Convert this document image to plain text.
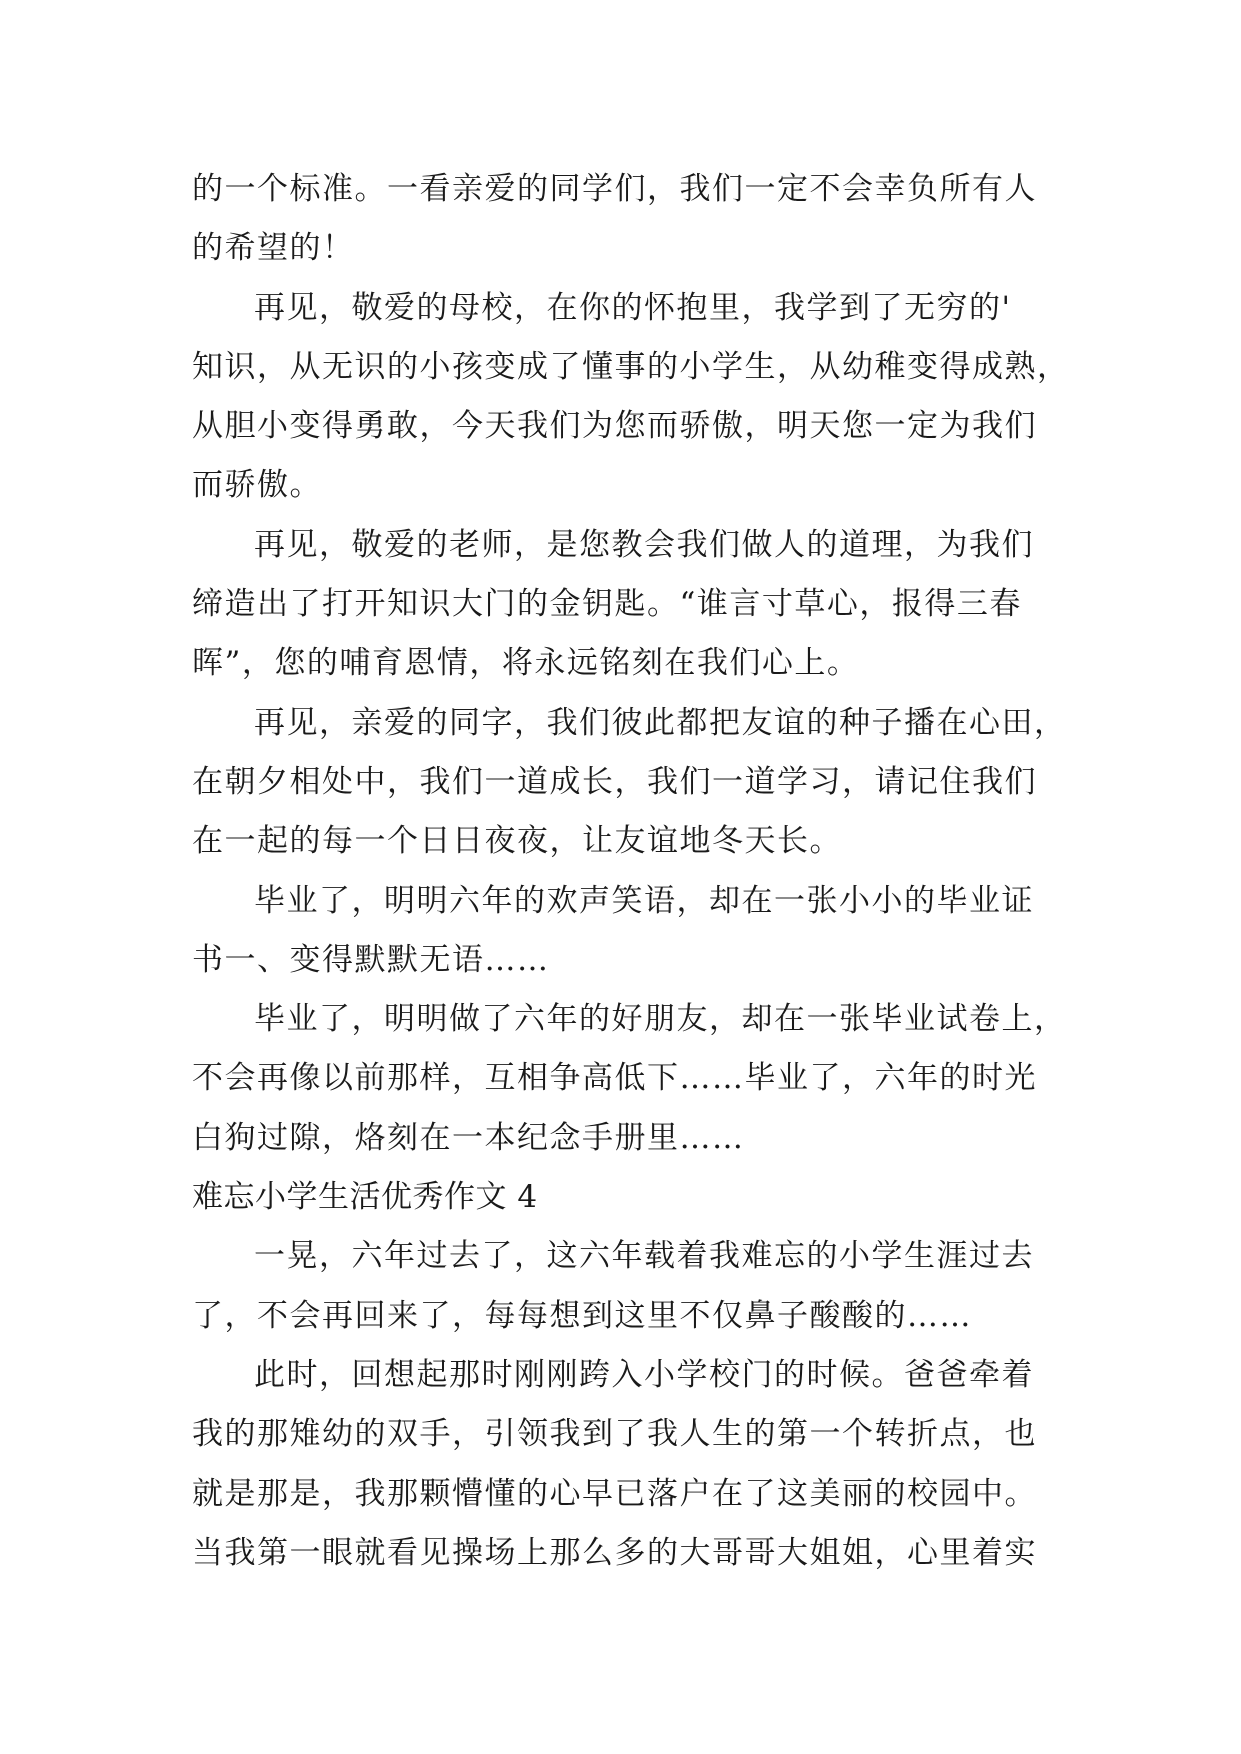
的一个标准。一看亲爱的同学们，我们一定不会幸负所有人
的希望的！
再见，敬爱的母校，在你的怀抱里，我学到了无穷的'
知识，从无识的小孩变成了懂事的小学生，从幼稚变得成熟，
从胆小变得勇敢，今天我们为您而骄傲，明天您一定为我们
而骄傲。
再见，敬爱的老师，是您教会我们做人的道理，为我们
缔造出了打开知识大门的金钥匙。“谁言寸草心，报得三春
晖”，您的哺育恩情，将永远铭刻在我们心上。
再见，亲爱的同字，我们彼此都把友谊的种子播在心田，
在朝夕相处中，我们一道成长，我们一道学习，请记住我们
在一起的每一个日日夜夜，让友谊地冬天长。
毕业了，明明六年的欢声笑语，却在一张小小的毕业证
书一、变得默默无语……
毕业了，明明做了六年的好朋友，却在一张毕业试卷上，
不会再像以前那样，互相争高低下……毕业了，六年的时光
白狗过隙，烙刻在一本纪念手册里……
难忘小学生活优秀作文 4
一晃，六年过去了，这六年载着我难忘的小学生涯过去
了，不会再回来了，每每想到这里不仅鼻子酸酸的……
此时，回想起那时刚刚跨入小学校门的时候。爸爸牵着
我的那雉幼的双手，引领我到了我人生的第一个转折点，也
就是那是，我那颗懵懂的心早已落户在了这美丽的校园中。
当我第一眼就看见操场上那么多的大哥哥大姐姐，心里着实
